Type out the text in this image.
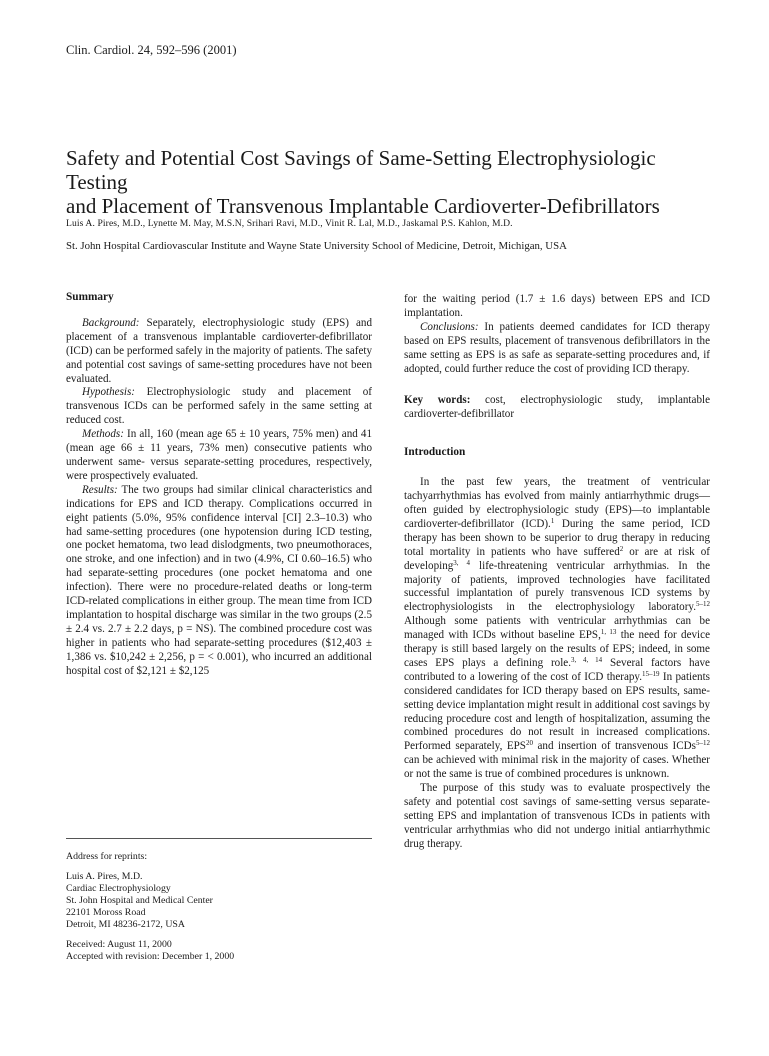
Clin. Cardiol. 24, 592–596 (2001)
Safety and Potential Cost Savings of Same-Setting Electrophysiologic Testing
and Placement of Transvenous Implantable Cardioverter-Defibrillators
Luis A. Pires, M.D., Lynette M. May, M.S.N, Srihari Ravi, M.D., Vinit R. Lal, M.D., Jaskamal P.S. Kahlon, M.D.
St. John Hospital Cardiovascular Institute and Wayne State University School of Medicine, Detroit, Michigan, USA
Summary

Background: Separately, electrophysiologic study (EPS) and placement of a transvenous implantable cardioverter-defibrillator (ICD) can be performed safely in the majority of patients. The safety and potential cost savings of same-setting procedures have not been evaluated.

Hypothesis: Electrophysiologic study and placement of transvenous ICDs can be performed safely in the same setting at reduced cost.

Methods: In all, 160 (mean age 65 ± 10 years, 75% men) and 41 (mean age 66 ± 11 years, 73% men) consecutive patients who underwent same- versus separate-setting procedures, respectively, were prospectively evaluated.

Results: The two groups had similar clinical characteristics and indications for EPS and ICD therapy. Complications occurred in eight patients (5.0%, 95% confidence interval [CI] 2.3–10.3) who had same-setting procedures (one hypotension during ICD testing, one pocket hematoma, two lead dislodgments, two pneumothoraces, one stroke, and one infection) and in two (4.9%, CI 0.60–16.5) who had separate-setting procedures (one pocket hematoma and one infection). There were no procedure-related deaths or long-term ICD-related complications in either group. The mean time from ICD implantation to hospital discharge was similar in the two groups (2.5 ± 2.4 vs. 2.7 ± 2.2 days, p = NS). The combined procedure cost was higher in patients who had separate-setting procedures ($12,403 ± 1,386 vs. $10,242 ± 2,256, p = < 0.001), who incurred an additional hospital cost of $2,121 ± $2,125

Address for reprints:
Luis A. Pires, M.D.
Cardiac Electrophysiology
St. John Hospital and Medical Center
22101 Moross Road
Detroit, MI 48236-2172, USA
Received: August 11, 2000
Accepted with revision: December 1, 2000

for the waiting period (1.7 ± 1.6 days) between EPS and ICD implantation.

Conclusions: In patients deemed candidates for ICD therapy based on EPS results, placement of transvenous defibrillators in the same setting as EPS is as safe as separate-setting procedures and, if adopted, could further reduce the cost of providing ICD therapy.

Key words: cost, electrophysiologic study, implantable cardioverter-defibrillator
Introduction

In the past few years, the treatment of ventricular tachyarrhythmias has evolved from mainly antiarrhythmic drugs—often guided by electrophysiologic study (EPS)—to implantable cardioverter-defibrillator (ICD).$^1$ During the same period, ICD therapy has been shown to be superior to drug therapy in reducing total mortality in patients who have suffered$^2$ or are at risk of developing$^{3, 4}$ life-threatening ventricular arrhythmias. In the majority of patients, improved technologies have facilitated successful implantation of purely transvenous ICD systems by electrophysiologists in the electrophysiology laboratory.$^{5-12}$ Although some patients with ventricular arrhythmias can be managed with ICDs without baseline EPS,$^{1, 13}$ the need for device therapy is still based largely on the results of EPS; indeed, in some cases EPS plays a defining role.$^{3, 4, 14}$ Several factors have contributed to a lowering of the cost of ICD therapy.$^{15-19}$ In patients considered candidates for ICD therapy based on EPS results, same-setting device implantation might result in additional cost savings by reducing procedure cost and length of hospitalization, assuming the combined procedures do not result in increased complications. Performed separately, EPS$^{20}$ and insertion of transvenous ICDs$^{5-12}$ can be achieved with minimal risk in the majority of cases. Whether or not the same is true of combined procedures is unknown.

The purpose of this study was to evaluate prospectively the safety and potential cost savings of same-setting versus separate-setting EPS and implantation of transvenous ICDs in patients with ventricular arrhythmias who did not undergo initial antiarrhythmic drug therapy.
